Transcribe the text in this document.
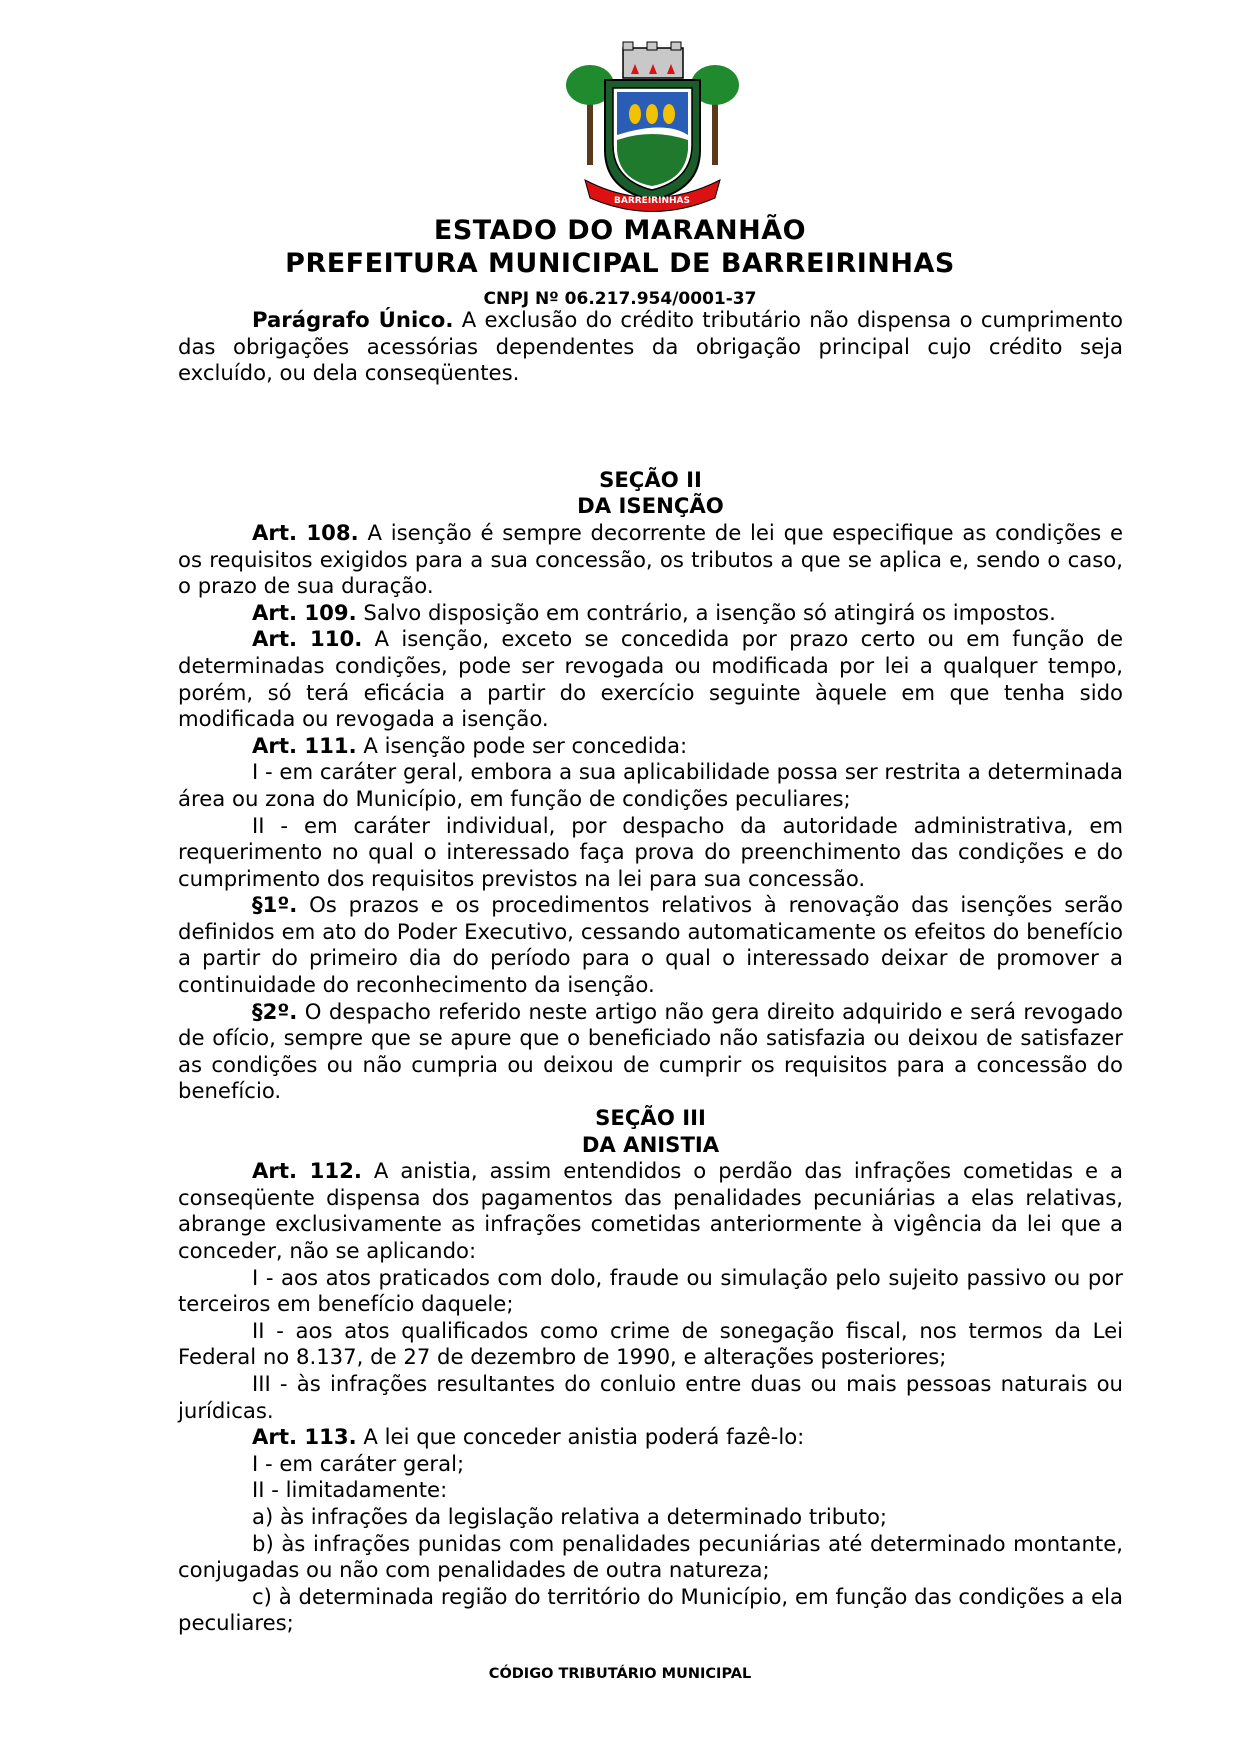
BARREIRINHAS
ESTADO DO MARANHÃO
PREFEITURA MUNICIPAL DE BARREIRINHAS
CNPJ Nº 06.217.954/0001-37

Parágrafo Único. A exclusão do crédito tributário não dispensa o cumprimento das obrigações acessórias dependentes da obrigação principal cujo crédito seja excluído, ou dela conseqüentes.

SEÇÃO II
DA ISENÇÃO

Art. 108. A isenção é sempre decorrente de lei que especifique as condições e os requisitos exigidos para a sua concessão, os tributos a que se aplica e, sendo o caso, o prazo de sua duração.

Art. 109. Salvo disposição em contrário, a isenção só atingirá os impostos.

Art. 110. A isenção, exceto se concedida por prazo certo ou em função de determinadas condições, pode ser revogada ou modificada por lei a qualquer tempo, porém, só terá eficácia a partir do exercício seguinte àquele em que tenha sido modificada ou revogada a isenção.

Art. 111. A isenção pode ser concedida:

I - em caráter geral, embora a sua aplicabilidade possa ser restrita a determinada área ou zona do Município, em função de condições peculiares;

II - em caráter individual, por despacho da autoridade administrativa, em requerimento no qual o interessado faça prova do preenchimento das condições e do cumprimento dos requisitos previstos na lei para sua concessão.

§1º. Os prazos e os procedimentos relativos à renovação das isenções serão definidos em ato do Poder Executivo, cessando automaticamente os efeitos do benefício a partir do primeiro dia do período para o qual o interessado deixar de promover a continuidade do reconhecimento da isenção.

§2º. O despacho referido neste artigo não gera direito adquirido e será revogado de ofício, sempre que se apure que o beneficiado não satisfazia ou deixou de satisfazer as condições ou não cumpria ou deixou de cumprir os requisitos para a concessão do benefício.

SEÇÃO III
DA ANISTIA

Art. 112. A anistia, assim entendidos o perdão das infrações cometidas e a conseqüente dispensa dos pagamentos das penalidades pecuniárias a elas relativas, abrange exclusivamente as infrações cometidas anteriormente à vigência da lei que a conceder, não se aplicando:

I - aos atos praticados com dolo, fraude ou simulação pelo sujeito passivo ou por terceiros em benefício daquele;

II - aos atos qualificados como crime de sonegação fiscal, nos termos da Lei Federal no 8.137, de 27 de dezembro de 1990, e alterações posteriores;

III - às infrações resultantes do conluio entre duas ou mais pessoas naturais ou jurídicas.

Art. 113. A lei que conceder anistia poderá fazê-lo:

I - em caráter geral;

II - limitadamente:

a) às infrações da legislação relativa a determinado tributo;

b) às infrações punidas com penalidades pecuniárias até determinado montante, conjugadas ou não com penalidades de outra natureza;

c) à determinada região do território do Município, em função das condições a ela peculiares;

CÓDIGO TRIBUTÁRIO MUNICIPAL
